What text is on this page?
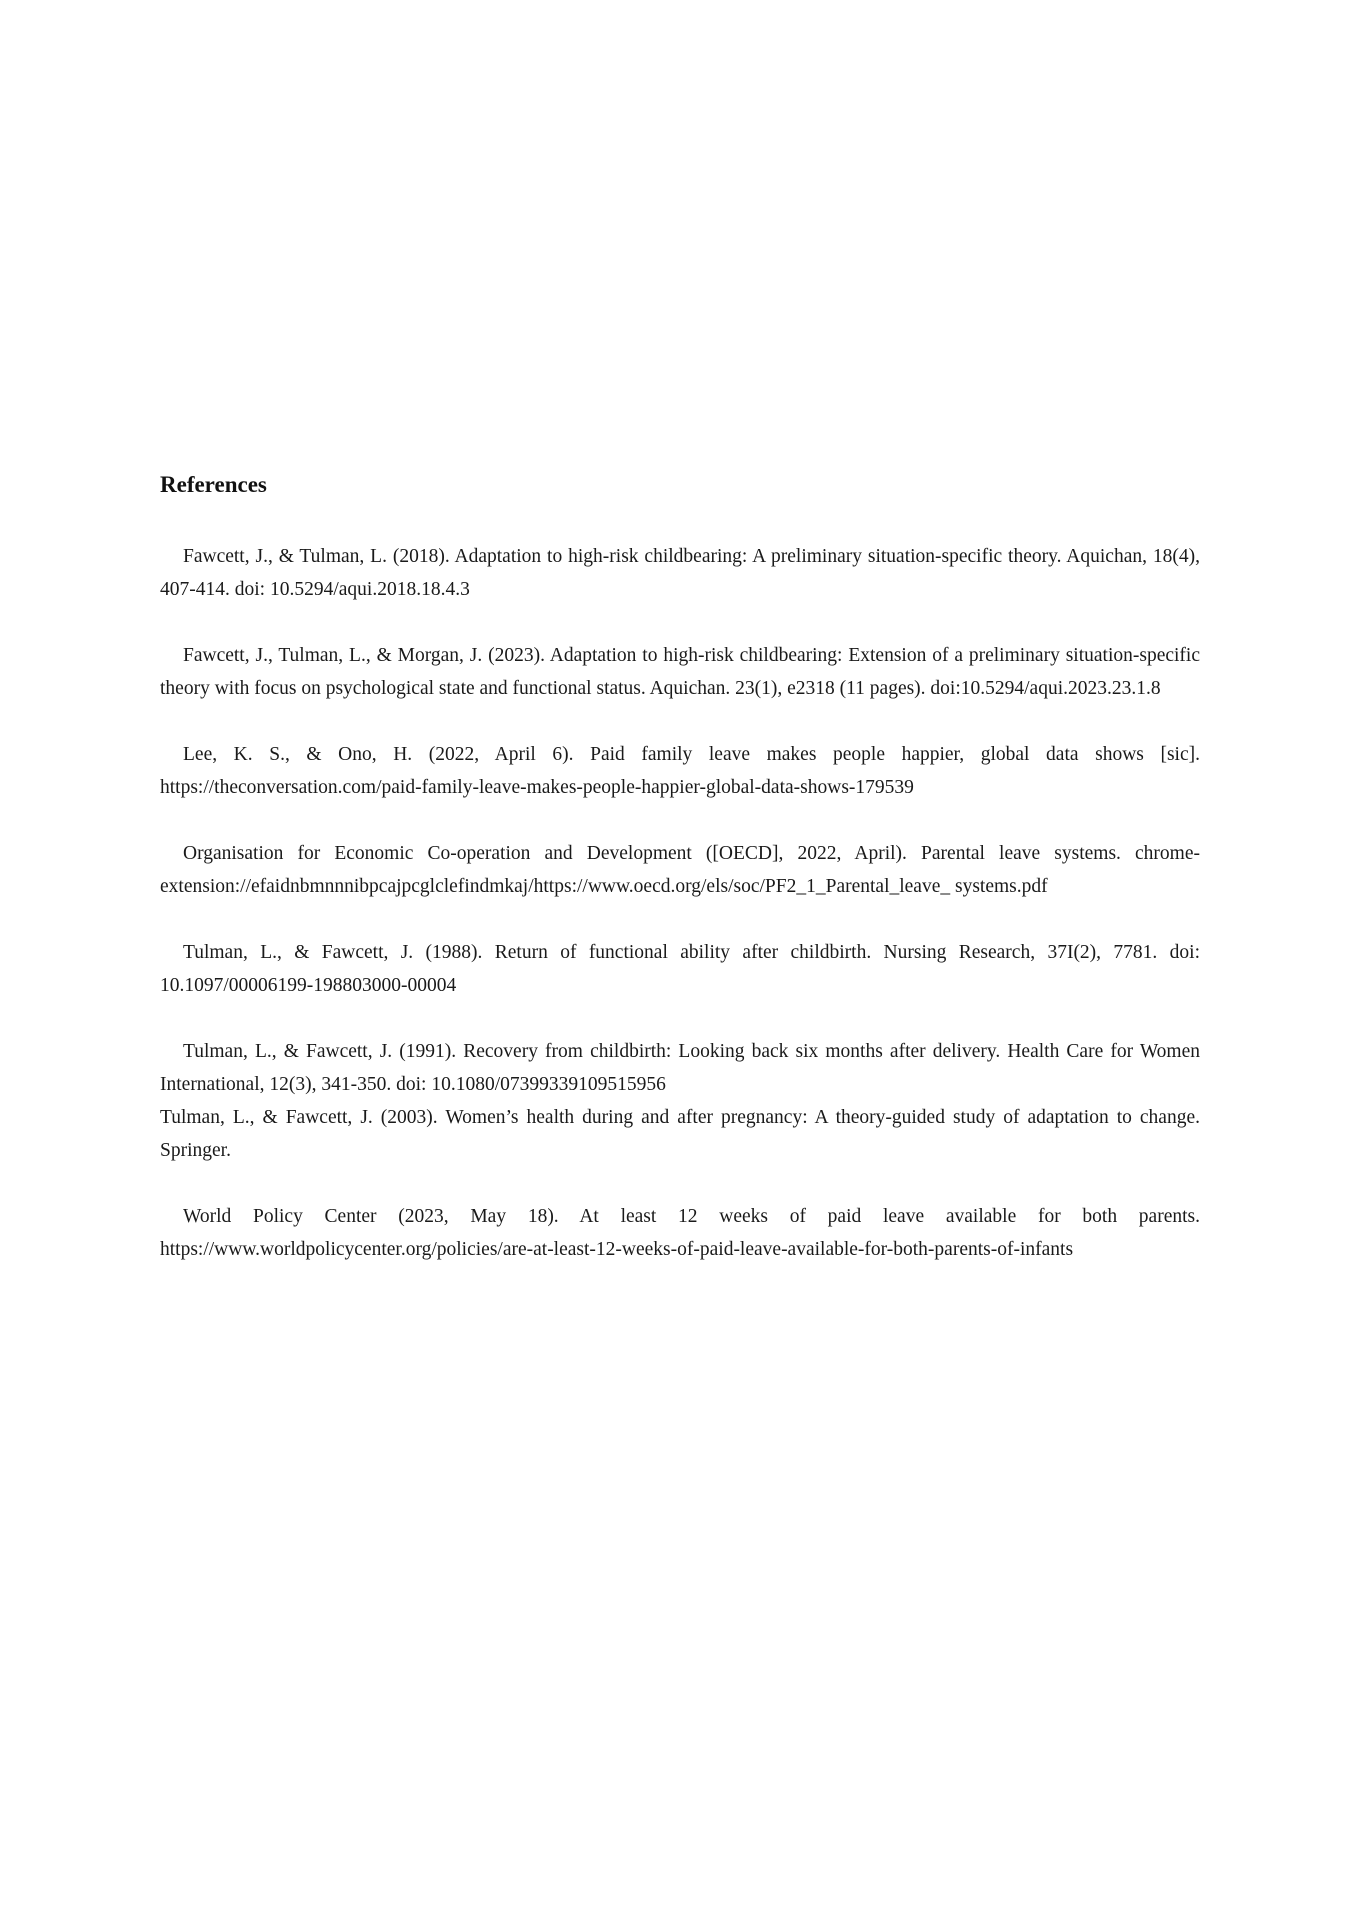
References
Fawcett, J., & Tulman, L. (2018). Adaptation to high-risk childbearing: A preliminary situation-specific theory. Aquichan, 18(4), 407-414. doi: 10.5294/aqui.2018.18.4.3
Fawcett, J., Tulman, L., & Morgan, J. (2023). Adaptation to high-risk childbearing: Extension of a preliminary situation-specific theory with focus on psychological state and functional status. Aquichan. 23(1), e2318 (11 pages). doi:10.5294/aqui.2023.23.1.8
Lee, K. S., & Ono, H. (2022, April 6). Paid family leave makes people happier, global data shows [sic]. https://theconversation.com/paid-family-leave-makes-people-happier-global-data-shows-179539
Organisation for Economic Co-operation and Development ([OECD], 2022, April). Parental leave systems. chrome-extension://efaidnbmnnnibpcajpcglclefindmkaj/https://www.oecd.org/els/soc/PF2_1_Parental_leave_ systems.pdf
Tulman, L., & Fawcett, J. (1988). Return of functional ability after childbirth. Nursing Research, 37I(2), 7781. doi: 10.1097/00006199-198803000-00004
Tulman, L., & Fawcett, J. (1991). Recovery from childbirth: Looking back six months after delivery. Health Care for Women International, 12(3), 341-350. doi: 10.1080/07399339109515956
Tulman, L., & Fawcett, J. (2003). Women’s health during and after pregnancy: A theory-guided study of adaptation to change. Springer.
World Policy Center (2023, May 18). At least 12 weeks of paid leave available for both parents. https://www.worldpolicycenter.org/policies/are-at-least-12-weeks-of-paid-leave-available-for-both-parents-of-infants
